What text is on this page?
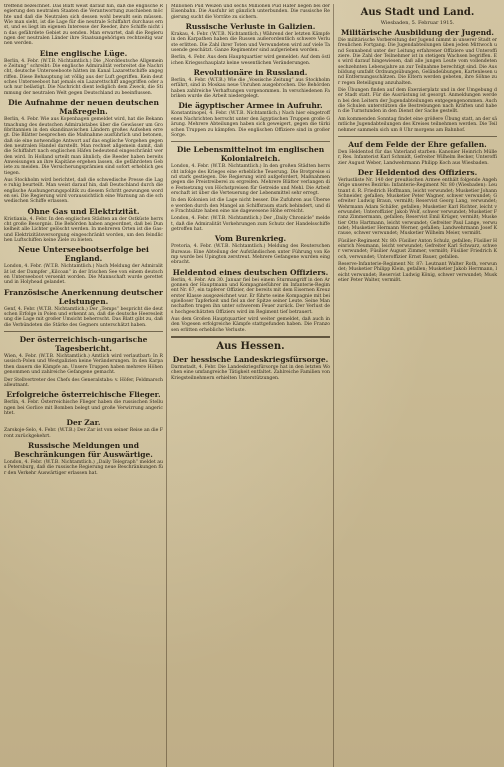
treffend bezeichnet. Das Blatt weist darauf hin, daß die englische Regierung den neutralen Staaten die Verantwortung zuschieben möchte und daß die Neutralen sich dessen wohl bewußt sein müssen. Wie man sieht, ist die Lage für die neutrale Schiffahrt durchaus ernst, und es liegt im eigenen Interesse der Reeder, ihre Schiffe nicht in das gefährdete Gebiet zu senden. Man erwartet, daß die Regierungen der neutralen Länder ihre Staatsangehörigen rechtzeitig warnen werden.

Eine englische Lüge.

Berlin, 4. Febr. (W.T.B. Nichtamtlich.) Die „Norddeutsche Allgemeine Zeitung“ schreibt: Die englische Admiralität verbreitet die Nachricht, deutsche Unterseeboote hätten im Kanal Lazarettschiffe angegriffen. Diese Behauptung ist völlig aus der Luft gegriffen. Kein deutsches Unterseeboot hat jemals ein Lazarettschiff angegriffen oder auch nur belästigt. Die Nachricht dient lediglich dem Zweck, die Stimmung der neutralen Welt gegen Deutschland zu beeinflussen.

Die Aufnahme der neuen deutschen Maßregeln.

Berlin, 4. Febr. Wie aus Kopenhagen gemeldet wird, hat die Bekanntmachung des deutschen Admiralstabes über die Gewässer um Großbritannien in den skandinavischen Ländern großes Aufsehen erregt. Die Blätter besprechen die Maßnahme ausführlich und betonen, daß sie eine notwendige Antwort auf das englische Vorgehen gegen den neutralen Handel darstellt. Man rechnet allgemein damit, daß die Schiffahrt nach englischen Häfen bedeutend eingeschränkt werden wird. In Holland urteilt man ähnlich; die Reeder haben bereits Anweisungen an ihre Kapitäne ergehen lassen, die gefährdeten Gebiete zu meiden. Die Versicherungsprämien sind sofort erheblich gestiegen.

Aus Stockholm wird berichtet, daß die schwedische Presse die Lage ruhig beurteilt. Man weist darauf hin, daß Deutschland durch die englische Aushungerungspolitik zu diesem Schritt gezwungen worden sei. Die Regierung wird voraussichtlich eine Warnung an die schwedischen Schiffe erlassen.

Ohne Gas und Elektrizität.

Kristiania, 4. Febr. In den englischen Städten an der Ostküste herrscht große Besorgnis. Die Behörden haben angeordnet, daß bei Dunkelheit alle Lichter gelöscht werden. In mehreren Orten ist die Gas- und Elektrizitätsversorgung eingeschränkt worden, um den feindlichen Luftschiffen keine Ziele zu bieten.

Neue Unterseebootserfolge bei England.

London, 4. Febr. (W.T.B. Nichtamtlich.) Nach Meldung der Admiralität ist der Dampfer „Kilcoan“ in der Irischen See von einem deutschen Unterseeboot versenkt worden. Die Mannschaft wurde gerettet und in Holyhead gelandet.

Französische Anerkennung deutscher Leistungen.

Genf, 4. Febr. (W.T.B. Nichtamtlich.) Der „Temps“ bespricht die deutschen Erfolge in Polen und erkennt an, daß die deutsche Heeresleitung die Lage mit großer Umsicht beherrscht. Das Blatt gibt zu, daß die Verbündeten die Stärke des Gegners unterschätzt haben.

Der österreichisch-ungarische Tagesbericht.

Wien, 4. Febr. (W.T.B. Nichtamtlich.) Amtlich wird verlautbart: In Russisch-Polen und Westgalizien keine Veränderungen. In den Karpathen dauern die Kämpfe an. Unsere Truppen haben mehrere Höhen genommen und zahlreiche Gefangene gemacht.

Der Stellvertreter des Chefs des Generalstabs: v. Höfer, Feldmarschalleutnant.

Erfolgreiche österreichische Flieger.

Berlin, 4. Febr. Österreichische Flieger haben die russischen Stellungen bei Gorlice mit Bomben belegt und große Verwirrung angerichtet.

Der Zar.

Zarskoje-Selo, 4. Febr. (W.T.B.) Der Zar ist von seiner Reise an die Front zurückgekehrt.

Russische Meldungen und Beschränkungen für Auswärtige.

London, 4. Febr. (W.T.B. Nichtamtlich.) „Daily Telegraph“ meldet aus Petersburg, daß die russische Regierung neue Beschränkungen für den Verkehr Auswärtiger erlassen hat.

Millionen Pud Weizen und sechs Millionen Pud Hafer liegen bei der Eisenbahn. Die Ausfuhr ist gänzlich unterbunden. Die russische Regierung sucht die Vorräte zu sichern.

Russische Verluste in Galizien.

Krakau, 4. Febr. (W.T.B. Nichtamtlich.) Während der letzten Kämpfe in den Karpathen haben die Russen außerordentlich schwere Verluste erlitten. Die Zahl ihrer Toten und Verwundeten wird auf viele Tausende geschätzt. Ganze Regimenter sind aufgerieben worden.

Berlin, 4. Febr. Aus dem Hauptquartier wird gemeldet: Auf dem östlichen Kriegsschauplatz keine wesentlichen Veränderungen.

Revolutionäre in Russland.

Berlin, 4. Febr. (W.T.B.) Wie die „Vossische Zeitung“ aus Stockholm erfährt, sind in Moskau neue Unruhen ausgebrochen. Die Behörden haben zahlreiche Verhaftungen vorgenommen. In verschiedenen Fabriken wurde die Arbeit niedergelegt.

Die ägyptischer Armee in Aufruhr.

Konstantinopel, 4. Febr. (W.T.B. Nichtamtlich.) Nach hier eingetroffenen Nachrichten herrscht unter den ägyptischen Truppen große Gärung. Mehrere Abteilungen haben sich geweigert, gegen die türkischen Truppen zu kämpfen. Die englischen Offiziere sind in großer Sorge.

Die Lebensmittelnot im englischen Kolonialreich.

London, 4. Febr. (W.T.B. Nichtamtlich.) In den großen Städten herrscht infolge des Krieges eine erhebliche Teuerung. Die Brotpreise sind stark gestiegen. Die Regierung wird aufgefordert, Maßnahmen gegen die Preistreiberei zu ergreifen. Mehrere Blätter verlangen die Festsetzung von Höchstpreisen für Getreide und Mehl. Die Arbeiterschaft ist über die Verteuerung der Lebensmittel sehr erregt.

In den Kolonien ist die Lage nicht besser. Die Zufuhren aus Übersee werden durch den Mangel an Schiffsraum stark behindert, und die Frachtsätze haben eine nie dagewesene Höhe erreicht.

London, 4. Febr. (W.T.B. Nichtamtlich.) Der „Daily Chronicle“ meldet, daß die Admiralität Vorkehrungen zum Schutz der Handelsschiffe getroffen hat.

Vom Burenkrieg.

Pretoria, 4. Febr. (W.T.B. Nichtamtlich.) Meldung des Reuterschen Bureaus: Eine Abteilung der Aufständischen unter Führung von Kemp wurde bei Upington zerstreut. Mehrere Gefangene wurden eingebracht.

Heldentod eines deutschen Offiziers.

Berlin, 4. Febr. Am 30. Januar fiel bei einem Sturmangriff in den Argonnen der Hauptmann und Kompagnieführer im Infanterie-Regiment Nr. 67, ein tapferer Offizier, der bereits mit dem Eisernen Kreuz erster Klasse ausgezeichnet war. Er führte seine Kompagnie mit beispielloser Tapferkeit und fiel an der Spitze seiner Leute. Seine Mannschaften trugen ihn unter schwerem Feuer zurück. Der Verlust des hochgeschätzten Offiziers wird im Regiment tief betrauert.

Aus dem Großen Hauptquartier wird weiter gemeldet, daß auch in den Vogesen erfolgreiche Kämpfe stattgefunden haben. Die Franzosen erlitten erhebliche Verluste.

Aus Hessen.
Der hessische Landeskriegsfürsorge.

Darmstadt, 4. Febr. Die Landeskriegsfürsorge hat in den letzten Wochen eine umfangreiche Tätigkeit entfaltet. Zahlreiche Familien von Kriegsteilnehmern erhielten Unterstützungen.

Aus Stadt und Land.
Wiesbaden, 5. Februar 1915.
Militärische Ausbildung der Jugend.

Die militärische Vorbereitung der Jugend nimmt in unserer Stadt erfreulichen Fortgang. Die Jugendabteilungen üben jeden Mittwoch und Sonnabend unter der Leitung erfahrener Offiziere und Unteroffiziere. Die Zahl der Teilnehmer ist in stetigem Wachsen begriffen. Es wird darauf hingewiesen, daß alle jungen Leute vom vollendeten sechzehnten Lebensjahre an zur Teilnahme berechtigt sind. Die Ausbildung umfaßt Ordnungsübungen, Geländeübungen, Kartenlesen und Entfernungsschätzen. Die Eltern werden gebeten, ihre Söhne zur regen Beteiligung anzuhalten.

Die Übungen finden auf dem Exerzierplatz und in der Umgebung der Stadt statt. Für die Ausrüstung ist gesorgt. Anmeldungen werden bei den Leitern der Jugendabteilungen entgegengenommen. Auch die Schulen unterstützen die Bestrebungen nach Kräften und haben die Turnstunden in den Dienst der Sache gestellt.

Am kommenden Sonntag findet eine größere Übung statt, an der sämtliche Jugendabteilungen des Kreises teilnehmen werden. Die Teilnehmer sammeln sich um 8 Uhr morgens am Bahnhof.

Auf dem Felde der Ehre gefallen.

Den Heldentod für das Vaterland starben: Kanonier Heinrich Müller, Res. Infanterist Karl Schmidt, Gefreiter Wilhelm Becker, Unteroffizier August Weber, Landwehrmann Philipp Koch aus Wiesbaden.

Der Heldentod des Offiziers.

Verlustliste Nr. 140 der preußischen Armee enthält folgende Angehörige unseres Bezirks: Infanterie-Regiment Nr. 80 (Wiesbaden): Leutnant d. R. Friedrich Hoffmann, leicht verwundet; Musketier Johann Schneider, gefallen; Musketier Peter Wagner, schwer verwundet; Gefreiter Ludwig Braun, vermißt; Reservist Georg Lang, verwundet; Wehrmann Adam Schäfer, gefallen; Musketier Karl Richter, leicht verwundet; Unteroffizier Jakob Wolf, schwer verwundet; Musketier Franz Zimmermann, gefallen; Reservist Emil Krüger, vermißt; Musketier Otto Hartmann, leicht verwundet; Gefreiter Paul Lange, verwundet; Musketier Hermann Werner, gefallen; Landwehrmann Josef Krause, schwer verwundet; Musketier Wilhelm Meier, vermißt.

Füsilier-Regiment Nr. 80: Füsilier Anton Schulz, gefallen; Füsilier Heinrich Neumann, leicht verwundet; Gefreiter Karl Schwarz, schwer verwundet; Füsilier August Zimmer, vermißt; Füsilier Friedrich Koch, verwundet; Unteroffizier Ernst Bauer, gefallen.

Reserve-Infanterie-Regiment Nr. 87: Leutnant Walter Roth, verwundet; Musketier Philipp Klein, gefallen; Musketier Jakob Herrmann, leicht verwundet; Reservist Ludwig König, schwer verwundet; Musketier Peter Walter, vermißt.
